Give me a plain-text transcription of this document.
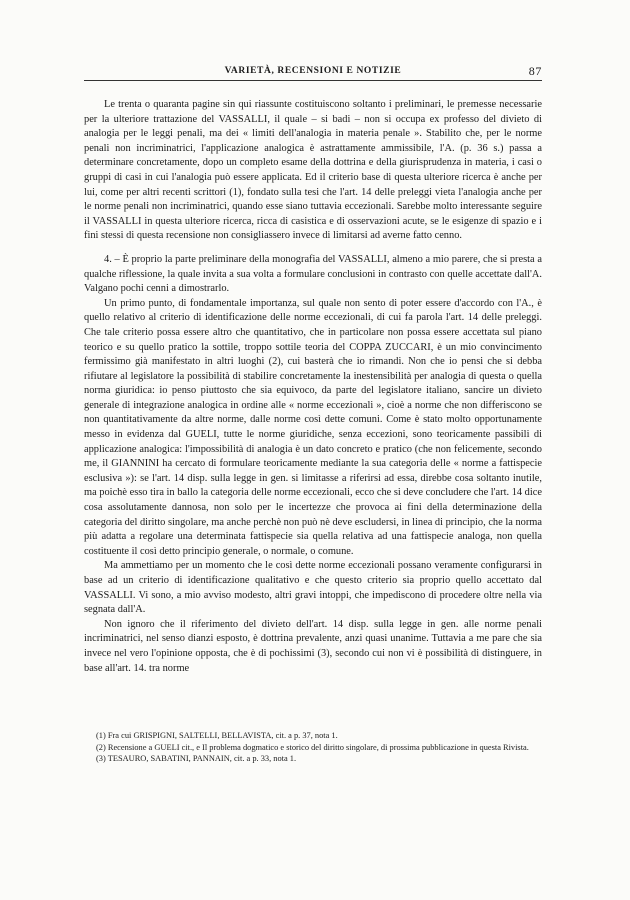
VARIETÀ, RECENSIONI E NOTIZIE	87

Le trenta o quaranta pagine sin qui riassunte costituiscono soltanto i preliminari, le premesse necessarie per la ulteriore trattazione del VASSALLI, il quale – si badi – non si occupa ex professo del divieto di analogia per le leggi penali, ma dei « limiti dell'analogia in materia penale ». Stabilito che, per le norme penali non incriminatrici, l'applicazione analogica è astrattamente ammissibile, l'A. (p. 36 s.) passa a determinare concretamente, dopo un completo esame della dottrina e della giurisprudenza in materia, i casi o gruppi di casi in cui l'analogia può essere applicata. Ed il criterio base di questa ulteriore ricerca è anche per lui, come per altri recenti scrittori (1), fondato sulla tesi che l'art. 14 delle preleggi vieta l'analogia anche per le norme penali non incriminatrici, quando esse siano tuttavia eccezionali. Sarebbe molto interessante seguire il VASSALLI in questa ulteriore ricerca, ricca di casistica e di osservazioni acute, se le esigenze di spazio e i fini stessi di questa recensione non consigliassero invece di limitarsi ad averne fatto cenno.

4. – È proprio la parte preliminare della monografia del VASSALLI, almeno a mio parere, che si presta a qualche riflessione, la quale invita a sua volta a formulare conclusioni in contrasto con quelle accettate dall'A. Valgano pochi cenni a dimostrarlo.

Un primo punto, di fondamentale importanza, sul quale non sento di poter essere d'accordo con l'A., è quello relativo al criterio di identificazione delle norme eccezionali, di cui fa parola l'art. 14 delle preleggi. Che tale criterio possa essere altro che quantitativo, che in particolare non possa essere accettata sul piano teorico e su quello pratico la sottile, troppo sottile teoria del COPPA ZUCCARI, è un mio convincimento fermissimo già manifestato in altri luoghi (2), cui basterà che io rimandi. Non che io pensi che si debba rifiutare al legislatore la possibilità di stabilire concretamente la inestensibilità per analogia di questa o quella norma giuridica: io penso piuttosto che sia equivoco, da parte del legislatore italiano, sancire un divieto generale di integrazione analogica in ordine alle « norme eccezionali », cioè a norme che non differiscono se non quantitativamente da altre norme, dalle norme così dette comuni. Come è stato molto opportunamente messo in evidenza dal GUELI, tutte le norme giuridiche, senza eccezioni, sono teoricamente passibili di applicazione analogica: l'impossibilità di analogia è un dato concreto e pratico (che non felicemente, secondo me, il GIANNINI ha cercato di formulare teoricamente mediante la sua categoria delle « norme a fattispecie esclusiva »): se l'art. 14 disp. sulla legge in gen. si limitasse a riferirsi ad essa, direbbe cosa soltanto inutile, ma poichè esso tira in ballo la categoria delle norme eccezionali, ecco che si deve concludere che l'art. 14 dice cosa assolutamente dannosa, non solo per le incertezze che provoca ai fini della determinazione della categoria del diritto singolare, ma anche perchè non può nè deve escludersi, in linea di principio, che la norma più adatta a regolare una determinata fattispecie sia quella relativa ad una fattispecie analoga, non quella costituente il così detto principio generale, o normale, o comune.

Ma ammettiamo per un momento che le così dette norme eccezionali possano veramente configurarsi in base ad un criterio di identificazione qualitativo e che questo criterio sia proprio quello accettato dal VASSALLI. Vi sono, a mio avviso modesto, altri gravi intoppi, che impediscono di procedere oltre nella via segnata dall'A.

Non ignoro che il riferimento del divieto dell'art. 14 disp. sulla legge in gen. alle norme penali incriminatrici, nel senso dianzi esposto, è dottrina prevalente, anzi quasi unanime. Tuttavia a me pare che sia invece nel vero l'opinione opposta, che è di pochissimi (3), secondo cui non vi è possibilità di distinguere, in base all'art. 14. tra norme

(1) Fra cui GRISPIGNI, SALTELLI, BELLAVISTA, cit. a p. 37, nota 1.

(2) Recensione a GUELI cit., e Il problema dogmatico e storico del diritto singolare, di prossima pubblicazione in questa Rivista.

(3) TESAURO, SABATINI, PANNAIN, cit. a p. 33, nota 1.
